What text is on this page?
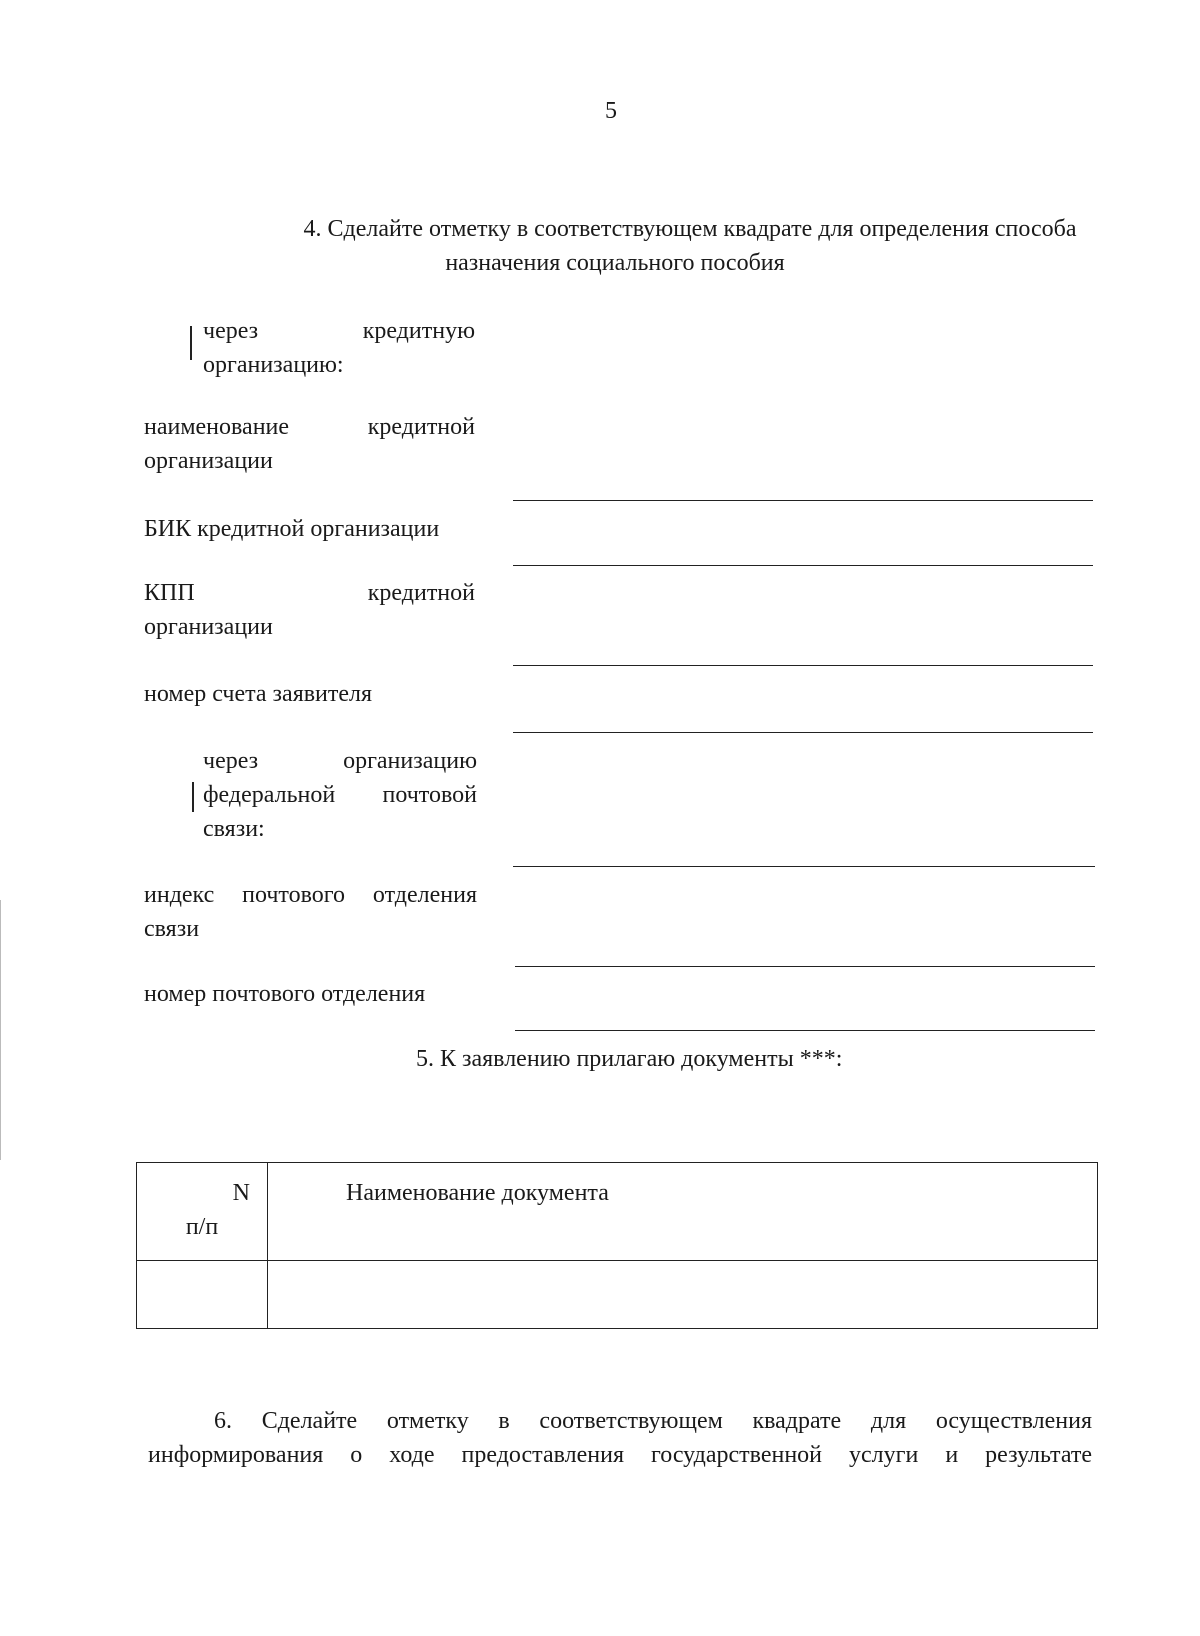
5
4. Сделайте отметку в соответствующем квадрате для определения способа
назначения социального пособия
через	кредитную
организацию:
наименование	кредитной
организации
БИК кредитной организации
КПП	кредитной
организации
номер счета заявителя
через	организацию
федеральной почтовой
связи:
индекс почтового отделения
связи
номер почтового отделения
5. К заявлению прилагаю документы ***:
N
п/п	Наименование документа

6. Сделайте отметку в соответствующем квадрате для осуществления
информирования о ходе предоставления государственной услуги и результате
